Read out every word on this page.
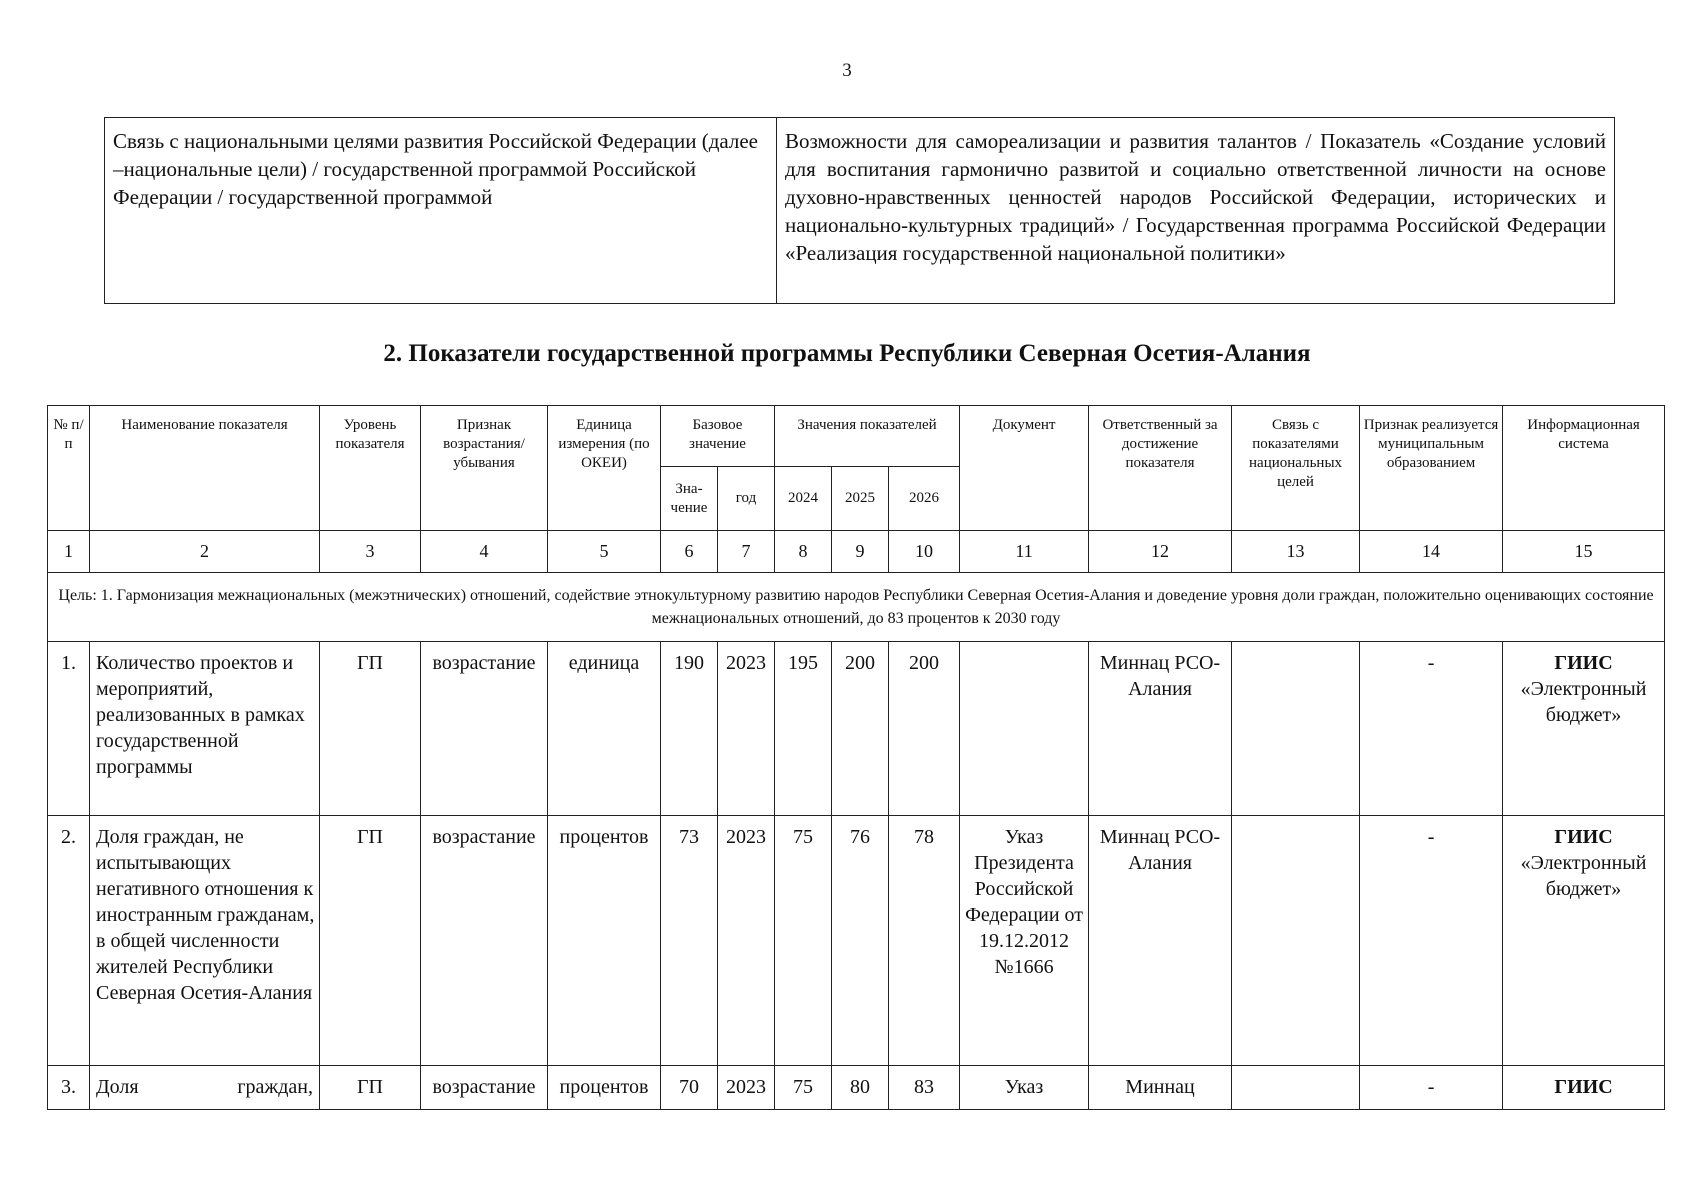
3
Связь с национальными целями развития Российской Федерации (далее –национальные цели) / государственной программой Российской Федерации / государственной программой	Возможности для самореализации и развития талантов / Показатель «Создание условий для воспитания гармонично развитой и социально ответственной личности на основе духовно-нравственных ценностей народов Российской Федерации, исторических и национально-культурных традиций» / Государственная программа Российской Федерации «Реализация государственной национальной политики»
2. Показатели государственной программы Республики Северная Осетия-Алания
№ п/п	Наименование показателя	Уровень показателя	Признак возрастания/ убывания	Единица измерения (по ОКЕИ)	Базовое значение		Значения показателей			Документ	Ответственный за достижение показателя	Связь с показателями национальных целей	Признак реализуется муниципальным образованием	Информационная система
					Зна-чение	год	2024	2025	2026					
1	2	3	4	5	6	7	8	9	10	11	12	13	14	15
Цель: 1. Гармонизация межнациональных (межэтнических) отношений, содействие этнокультурному развитию народов Республики Северная Осетия-Алания и доведение уровня доли граждан, положительно оценивающих состояние межнациональных отношений, до 83 процентов к 2030 году														
1.	Количество проектов и мероприятий, реализованных в рамках государственной программы	ГП	возрастание	единица	190	2023	195	200	200		Миннац РСО-Алания		-	ГИИС
«Электронный бюджет»
2.	Доля граждан, не испытывающих негативного отношения к иностранным гражданам, в общей численности жителей Республики Северная Осетия-Алания	ГП	возрастание	процентов	73	2023	75	76	78	Указ Президента Российской Федерации от 19.12.2012 №1666	Миннац РСО-Алания		-	ГИИС
«Электронный бюджет»
3.	Доля граждан,	ГП	возрастание	процентов	70	2023	75	80	83	Указ	Миннац		-	ГИИС
